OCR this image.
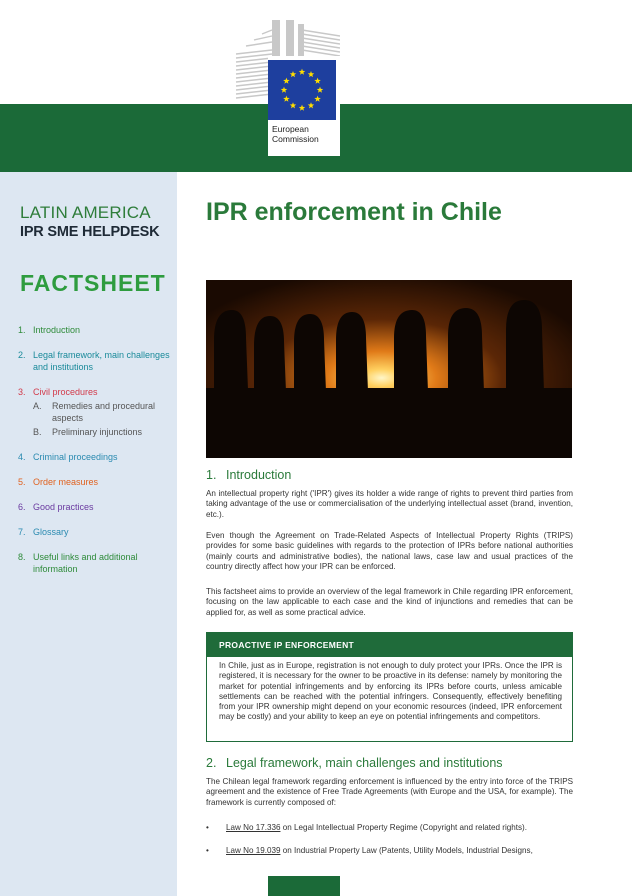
European
Commission
LATIN AMERICA
IPR SME HELPDESK
FACTSHEET
1. Introduction
2. Legal framework, main challenges and institutions
3. Civil procedures
A.	Remedies and procedural aspects
B.	Preliminary injunctions
4. Criminal proceedings
5. Order measures
6. Good practices
7. Glossary
8. Useful links and additional information
IPR enforcement in Chile
1. Introduction
An intellectual property right ('IPR') gives its holder a wide range of rights to prevent third parties from taking advantage of the use or commercialisation of the underlying intellectual asset (brand, invention, etc.).
Even though the Agreement on Trade-Related Aspects of Intellectual Property Rights (TRIPS) provides for some basic guidelines with regards to the protection of IPRs before national authorities (mainly courts and administrative bodies), the national laws, case law and usual practices of the country directly affect how your IPR can be enforced.
This factsheet aims to provide an overview of the legal framework in Chile regarding IPR enforcement, focusing on the law applicable to each case and the kind of injunctions and remedies that can be applied for, as well as some practical advice.
PROACTIVE IP ENFORCEMENT
In Chile, just as in Europe, registration is not enough to duly protect your IPRs. Once the IPR is registered, it is necessary for the owner to be proactive in its defense: namely by monitoring the market for potential infringements and by enforcing its IPRs before courts, unless amicable settlements can be reached with the potential infringers. Consequently, effectively benefiting from your IPR ownership might depend on your economic resources (indeed, IPR enforcement may be costly) and your ability to keep an eye on potential infringements and competitors.
2. Legal framework, main challenges and institutions
The Chilean legal framework regarding enforcement is influenced by the entry into force of the TRIPS agreement and the existence of Free Trade Agreements (with Europe and the USA, for example). The framework is currently composed of:
•	Law No 17.336 on Legal Intellectual Property Regime (Copyright and related rights).
•	Law No 19.039 on Industrial Property Law (Patents, Utility Models, Industrial Designs,
